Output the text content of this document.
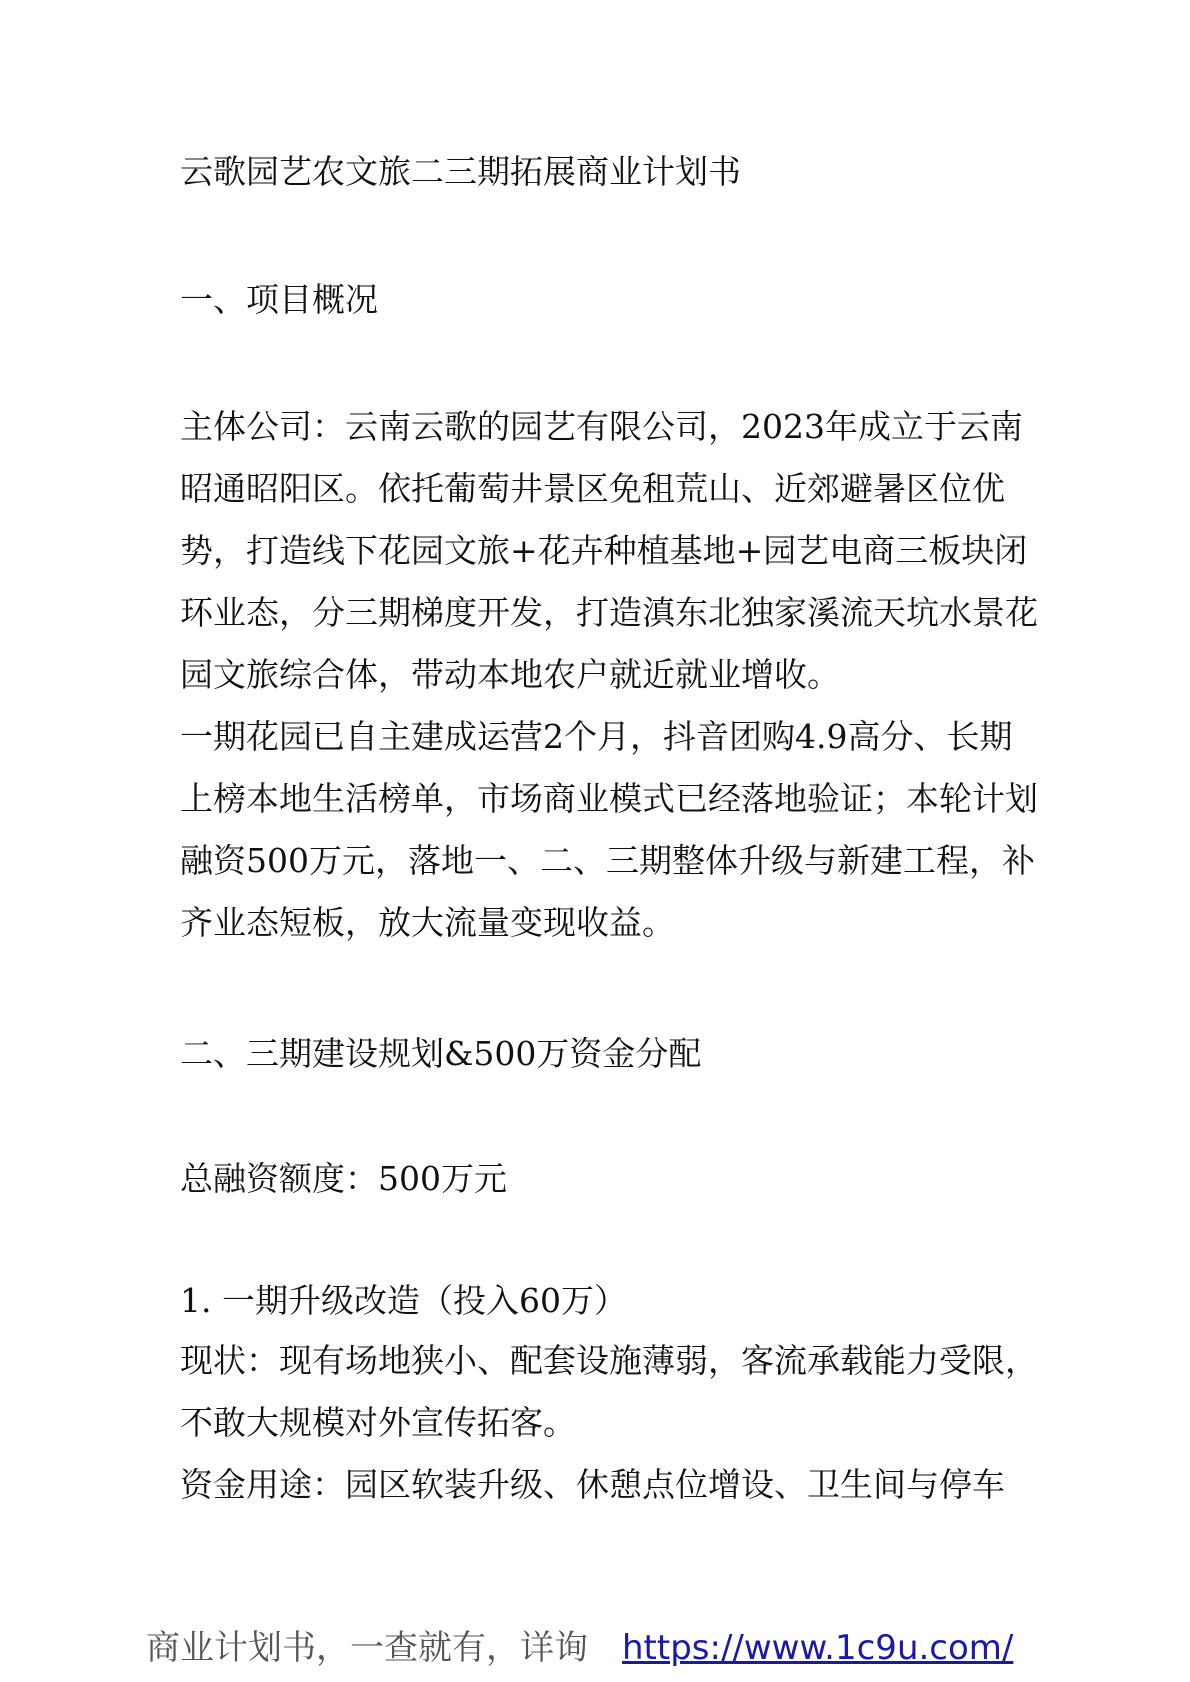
云歌园艺农文旅二三期拓展商业计划书
一、项目概况

主体公司：云南云歌的园艺有限公司，2023年成立于云南昭通昭阳区。依托葡萄井景区免租荒山、近郊避暑区位优势，打造线下花园文旅+花卉种植基地+园艺电商三板块闭环业态，分三期梯度开发，打造滇东北独家溪流天坑水景花园文旅综合体，带动本地农户就近就业增收。

一期花园已自主建成运营2个月，抖音团购4.9高分、长期上榜本地生活榜单，市场商业模式已经落地验证；本轮计划融资500万元，落地一、二、三期整体升级与新建工程，补齐业态短板，放大流量变现收益。

二、三期建设规划&500万资金分配

总融资额度：500万元

1. 一期升级改造（投入60万）

现状：现有场地狭小、配套设施薄弱，客流承载能力受限，不敢大规模对外宣传拓客。

资金用途：园区软装升级、休憩点位增设、卫生间与停车

商业计划书，一查就有，详询 https://www.1c9u.com/
